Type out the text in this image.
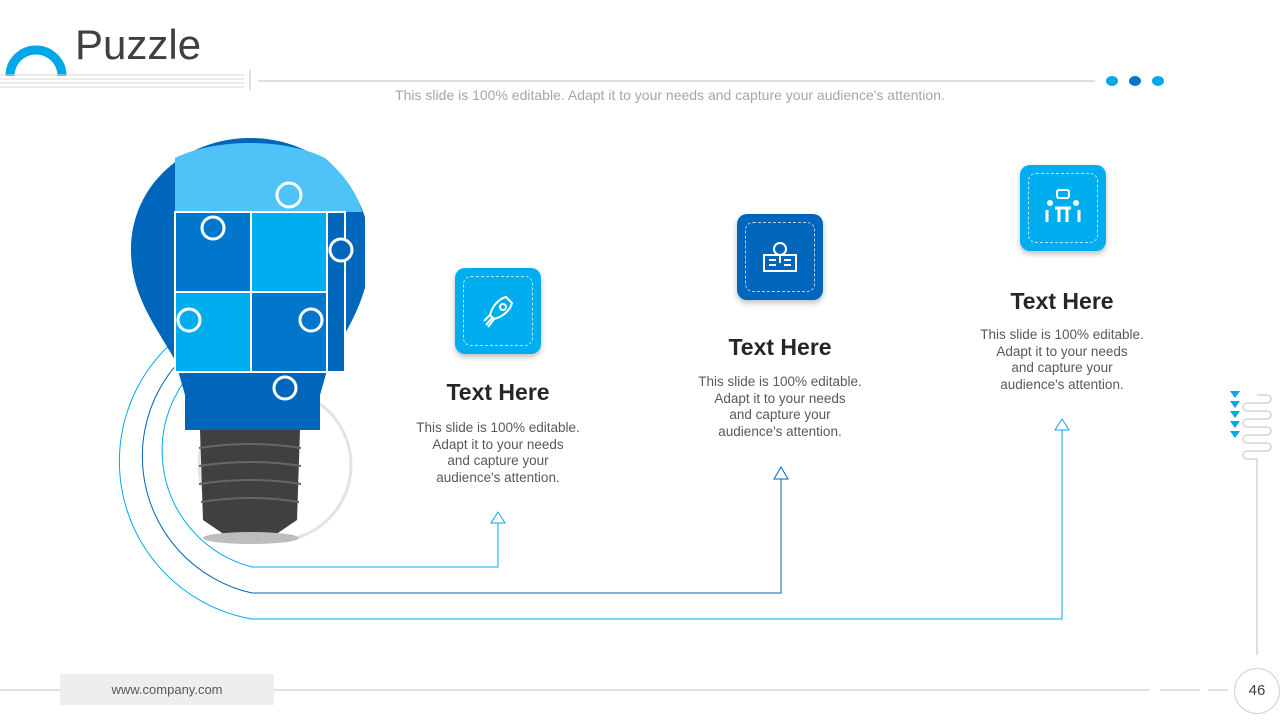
Puzzle
This slide is 100% editable. Adapt it to your needs and capture your audience's attention.
Text Here
This slide is 100% editable.
Adapt it to your needs
and capture your
audience's attention.
Text Here
This slide is 100% editable.
Adapt it to your needs
and capture your
audience's attention.
Text Here
This slide is 100% editable.
Adapt it to your needs
and capture your
audience's attention.
www.company.com	46
